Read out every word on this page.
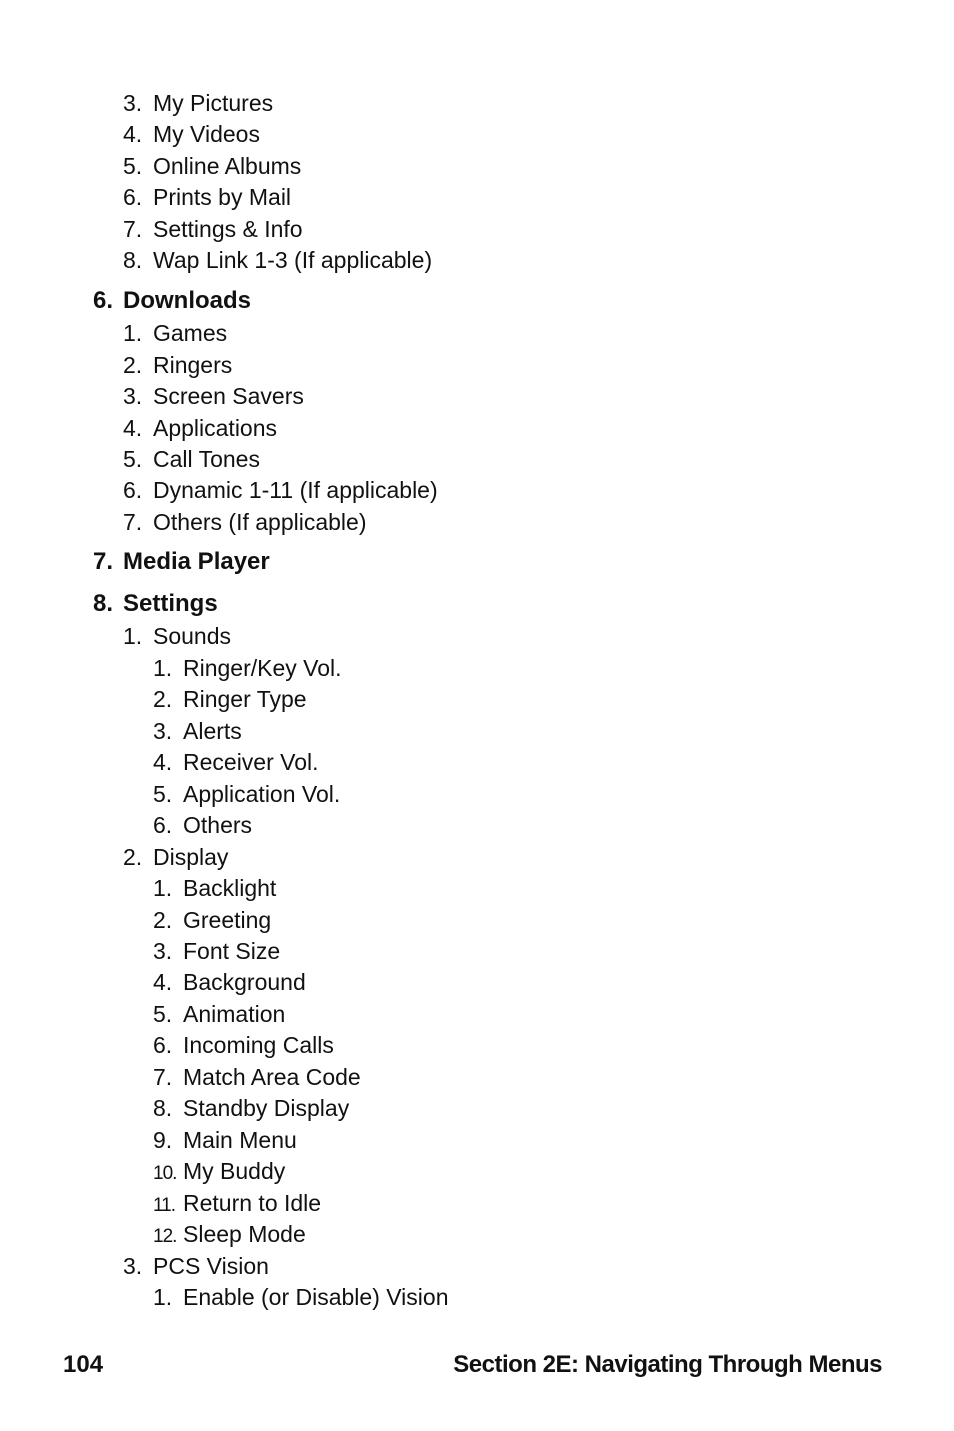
3. My Pictures
4. My Videos
5. Online Albums
6. Prints by Mail
7. Settings & Info
8. Wap Link 1-3 (If applicable)
6. Downloads
1. Games
2. Ringers
3. Screen Savers
4. Applications
5. Call Tones
6. Dynamic 1-11 (If applicable)
7. Others (If applicable)
7. Media Player
8. Settings
1. Sounds
1. Ringer/Key Vol.
2. Ringer Type
3. Alerts
4. Receiver Vol.
5. Application Vol.
6. Others
2. Display
1. Backlight
2. Greeting
3. Font Size
4. Background
5. Animation
6. Incoming Calls
7. Match Area Code
8. Standby Display
9. Main Menu
10. My Buddy
11. Return to Idle
12. Sleep Mode
3. PCS Vision
1. Enable (or Disable) Vision
104	Section 2E: Navigating Through Menus
